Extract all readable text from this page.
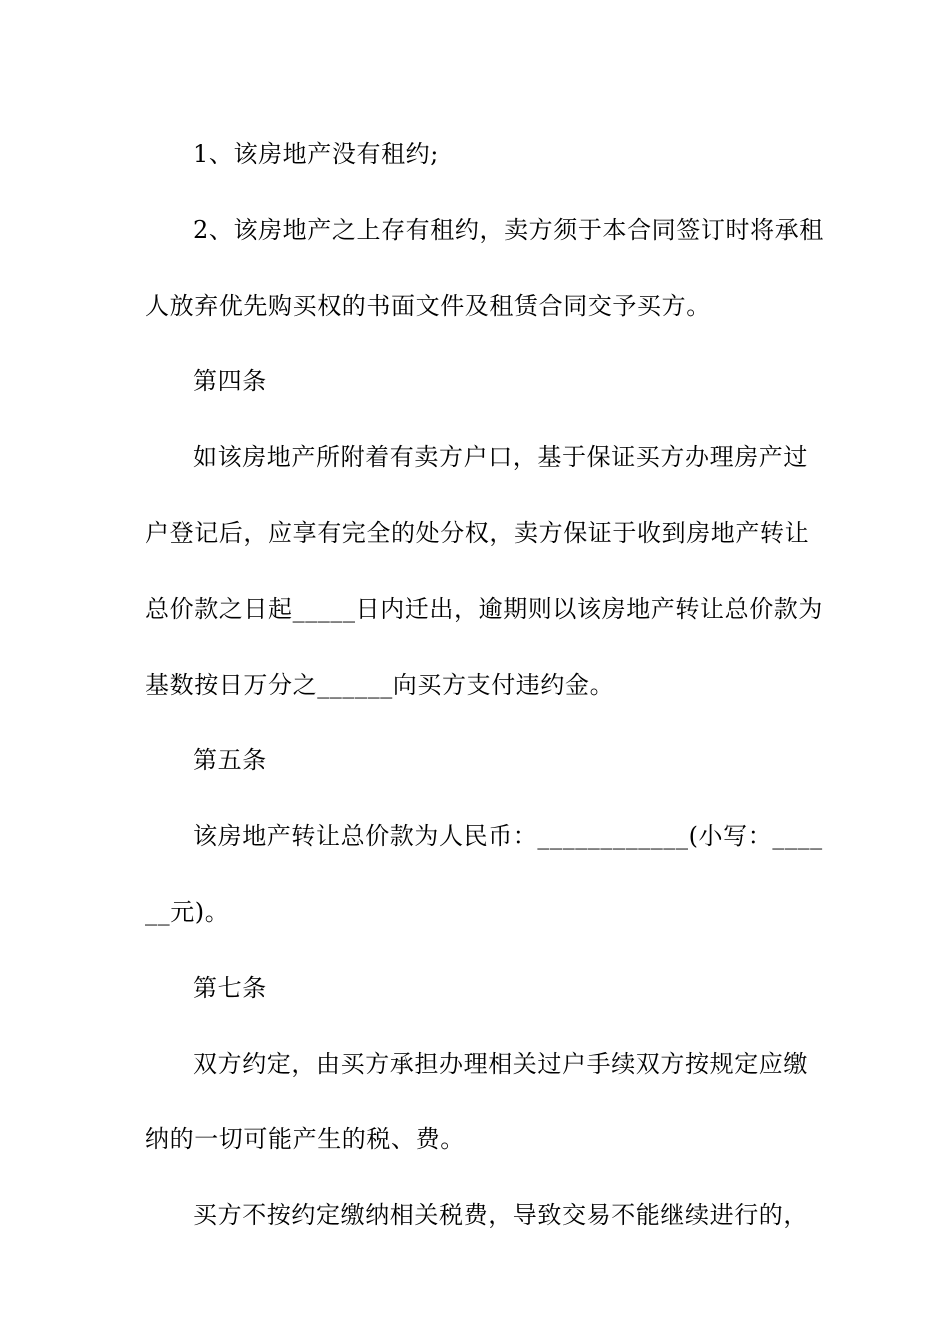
1、该房地产没有租约;
2、该房地产之上存有租约，卖方须于本合同签订时将承租
人放弃优先购买权的书面文件及租赁合同交予买方。
第四条
如该房地产所附着有卖方户口，基于保证买方办理房产过
户登记后，应享有完全的处分权，卖方保证于收到房地产转让
总价款之日起_____日内迁出，逾期则以该房地产转让总价款为
基数按日万分之______向买方支付违约金。
第五条
该房地产转让总价款为人民币：____________(小写：____
__元)。
第七条
双方约定，由买方承担办理相关过户手续双方按规定应缴
纳的一切可能产生的税、费。
买方不按约定缴纳相关税费，导致交易不能继续进行的，
